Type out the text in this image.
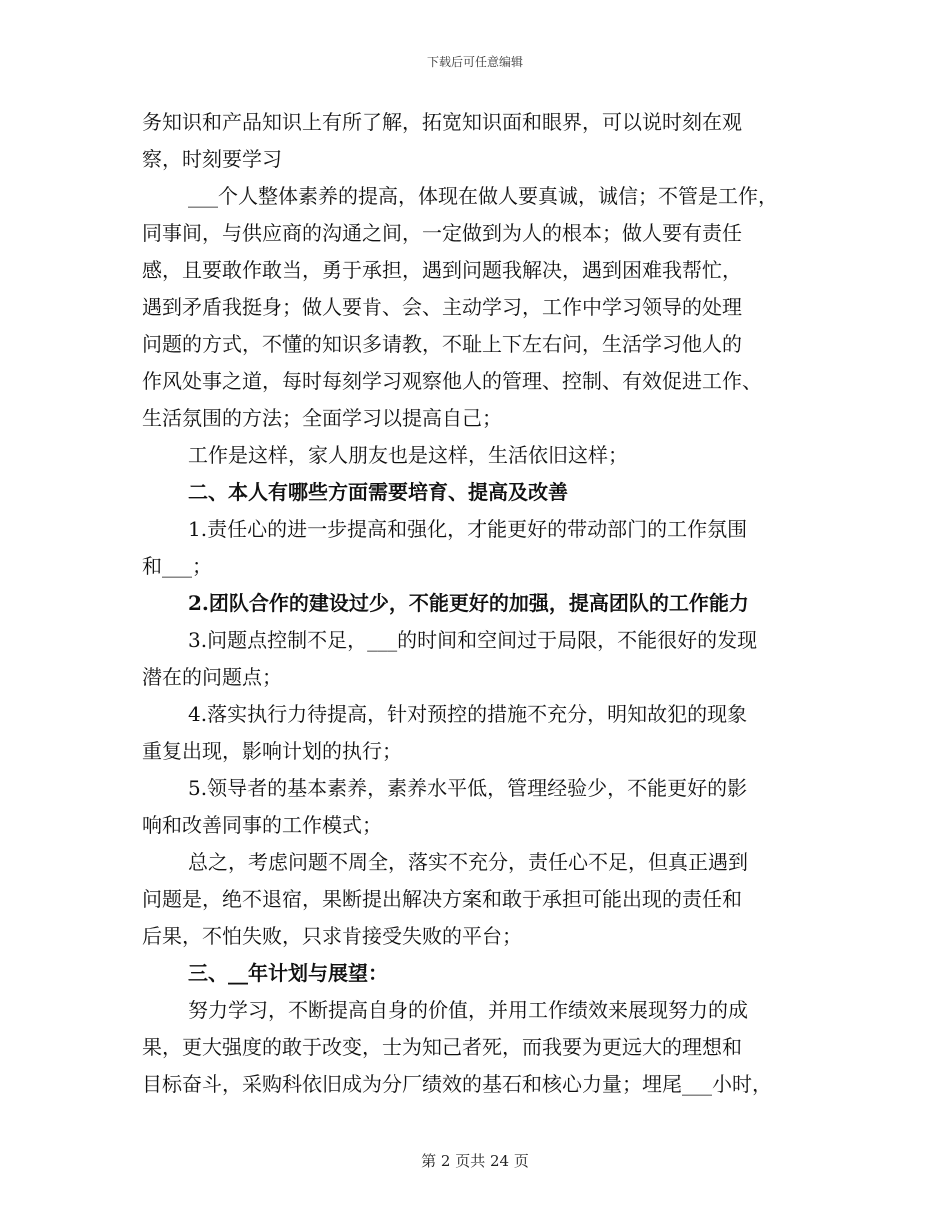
下载后可任意编辑
务知识和产品知识上有所了解，拓宽知识面和眼界，可以说时刻在观
察，时刻要学习
___个人整体素养的提高，体现在做人要真诚，诚信；不管是工作，
同事间，与供应商的沟通之间，一定做到为人的根本；做人要有责任
感，且要敢作敢当，勇于承担，遇到问题我解决，遇到困难我帮忙，
遇到矛盾我挺身；做人要肯、会、主动学习，工作中学习领导的处理
问题的方式，不懂的知识多请教，不耻上下左右问，生活学习他人的
作风处事之道，每时每刻学习观察他人的管理、控制、有效促进工作、
生活氛围的方法；全面学习以提高自己；
工作是这样，家人朋友也是这样，生活依旧这样；
二、本人有哪些方面需要培育、提高及改善
1.责任心的进一步提高和强化，才能更好的带动部门的工作氛围
和___；
2.团队合作的建设过少，不能更好的加强，提高团队的工作能力
3.问题点控制不足，___的时间和空间过于局限，不能很好的发现
潜在的问题点；
4.落实执行力待提高，针对预控的措施不充分，明知故犯的现象
重复出现，影响计划的执行；
5.领导者的基本素养，素养水平低，管理经验少，不能更好的影
响和改善同事的工作模式；
总之，考虑问题不周全，落实不充分，责任心不足，但真正遇到
问题是，绝不退宿，果断提出解决方案和敢于承担可能出现的责任和
后果，不怕失败，只求肯接受失败的平台；
三、__年计划与展望：
努力学习，不断提高自身的价值，并用工作绩效来展现努力的成
果，更大强度的敢于改变，士为知己者死，而我要为更远大的理想和
目标奋斗，采购科依旧成为分厂绩效的基石和核心力量；埋尾___小时，
第 2 页共 24 页
